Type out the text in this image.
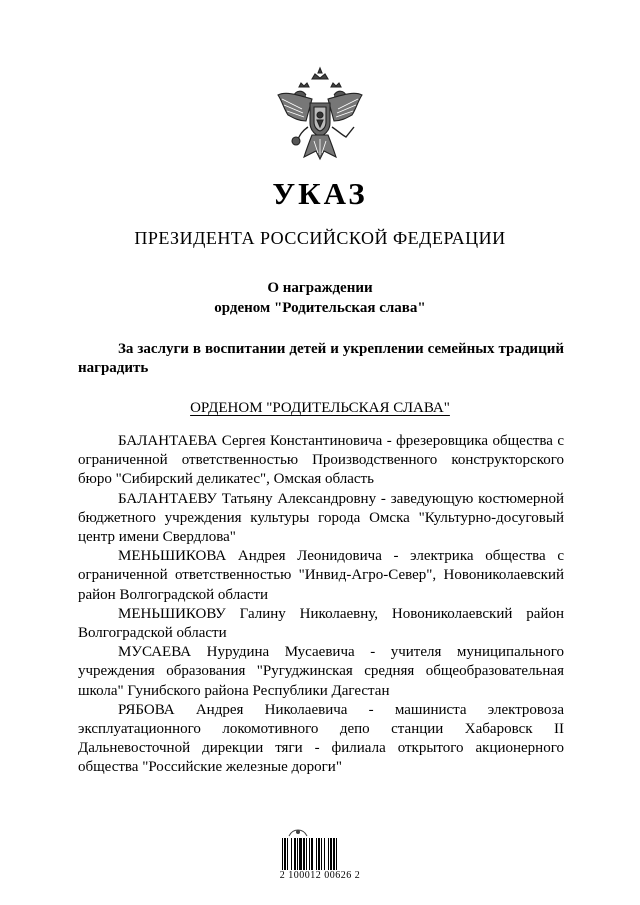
УКАЗ
ПРЕЗИДЕНТА РОССИЙСКОЙ ФЕДЕРАЦИИ
О награждении
орденом "Родительская слава"
За заслуги в воспитании детей и укреплении семейных традиций наградить
ОРДЕНОМ "РОДИТЕЛЬСКАЯ СЛАВА"

БАЛАНТАЕВА Сергея Константиновича - фрезеровщика общества с ограниченной ответственностью Производственного конструкторского бюро "Сибирский деликатес", Омская область

БАЛАНТАЕВУ Татьяну Александровну - заведующую костюмерной бюджетного учреждения культуры города Омска "Культурно-досуговый центр имени Свердлова"

МЕНЬШИКОВА Андрея Леонидовича - электрика общества с ограниченной ответственностью "Инвид-Агро-Север", Новониколаевский район Волгоградской области

МЕНЬШИКОВУ Галину Николаевну, Новониколаевский район Волгоградской области

МУСАЕВА Нурудина Мусаевича - учителя муниципального учреждения образования "Ругуджинская средняя общеобразовательная школа" Гунибского района Республики Дагестан

РЯБОВА Андрея Николаевича - машиниста электровоза эксплуатационного локомотивного депо станции Хабаровск II Дальневосточной дирекции тяги - филиала открытого акционерного общества "Российские железные дороги"

2 100012 00626 2
